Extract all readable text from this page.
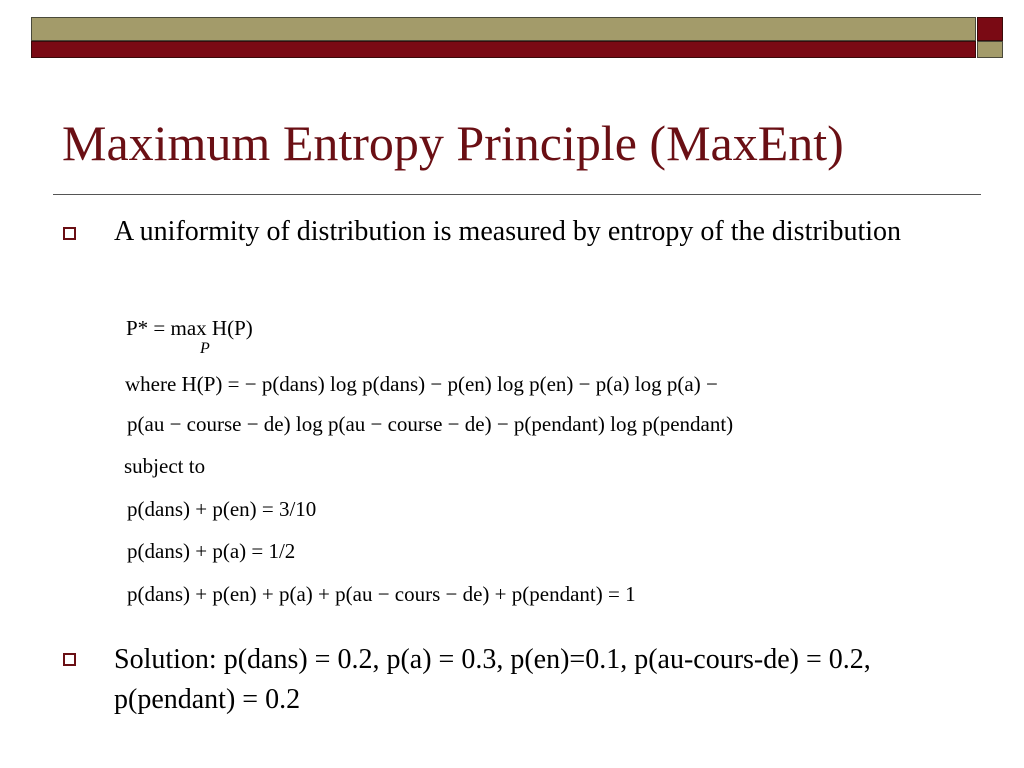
Maximum Entropy Principle (MaxEnt)
A uniformity of distribution is measured by entropy of the distribution
P* = max H(P)
P
where H(P) = − p(dans) log p(dans) − p(en) log p(en) − p(a) log p(a) −
p(au − course − de) log p(au − course − de) − p(pendant) log p(pendant)
subject to
p(dans) + p(en) = 3/10
p(dans) + p(a) = 1/2
p(dans) + p(en) + p(a) + p(au − cours − de) + p(pendant) = 1
Solution: p(dans) = 0.2, p(a) = 0.3, p(en)=0.1, p(au-cours-de) = 0.2, p(pendant) = 0.2
